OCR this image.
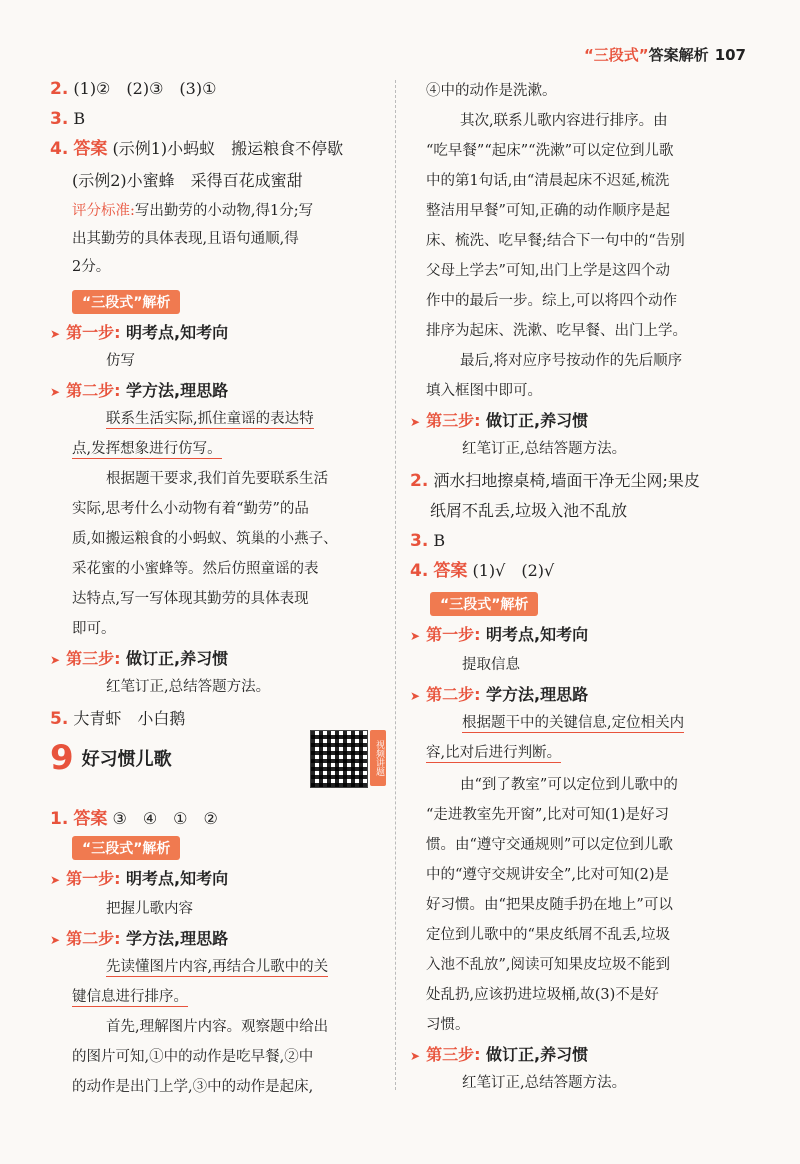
“三段式”答案解析 107
2. (1)②　(2)③　(3)①
3. B
4. 答案 (示例1)小蚂蚁　搬运粮食不停歇
(示例2)小蜜蜂　采得百花成蜜甜
评分标准:写出勤劳的小动物,得1分;写
出其勤劳的具体表现,且语句通顺,得
2分。
“三段式”解析
➤ 第一步: 明考点,知考向
仿写
➤ 第二步: 学方法,理思路
联系生活实际,抓住童谣的表达特
点,发挥想象进行仿写。
根据题干要求,我们首先要联系生活
实际,思考什么小动物有着“勤劳”的品
质,如搬运粮食的小蚂蚁、筑巢的小燕子、
采花蜜的小蜜蜂等。然后仿照童谣的表
达特点,写一写体现其勤劳的具体表现
即可。
➤ 第三步: 做订正,养习惯
红笔订正,总结答题方法。
5. 大青虾　小白鹅
9 好习惯儿歌	视频讲题
1. 答案 ③　④　①　②
“三段式”解析
➤ 第一步: 明考点,知考向
把握儿歌内容
➤ 第二步: 学方法,理思路
先读懂图片内容,再结合儿歌中的关
键信息进行排序。
首先,理解图片内容。观察题中给出
的图片可知,①中的动作是吃早餐,②中
的动作是出门上学,③中的动作是起床,
④中的动作是洗漱。
其次,联系儿歌内容进行排序。由
“吃早餐”“起床”“洗漱”可以定位到儿歌
中的第1句话,由“清晨起床不迟延,梳洗
整洁用早餐”可知,正确的动作顺序是起
床、梳洗、吃早餐;结合下一句中的“告别
父母上学去”可知,出门上学是这四个动
作中的最后一步。综上,可以将四个动作
排序为起床、洗漱、吃早餐、出门上学。
最后,将对应序号按动作的先后顺序
填入框图中即可。
➤ 第三步: 做订正,养习惯
红笔订正,总结答题方法。
2. 洒水扫地擦桌椅,墙面干净无尘网;果皮
纸屑不乱丢,垃圾入池不乱放
3. B
4. 答案 (1)√　(2)√
“三段式”解析
➤ 第一步: 明考点,知考向
提取信息
➤ 第二步: 学方法,理思路
根据题干中的关键信息,定位相关内
容,比对后进行判断。
由“到了教室”可以定位到儿歌中的
“走进教室先开窗”,比对可知(1)是好习
惯。由“遵守交通规则”可以定位到儿歌
中的“遵守交规讲安全”,比对可知(2)是
好习惯。由“把果皮随手扔在地上”可以
定位到儿歌中的“果皮纸屑不乱丢,垃圾
入池不乱放”,阅读可知果皮垃圾不能到
处乱扔,应该扔进垃圾桶,故(3)不是好
习惯。
➤ 第三步: 做订正,养习惯
红笔订正,总结答题方法。
